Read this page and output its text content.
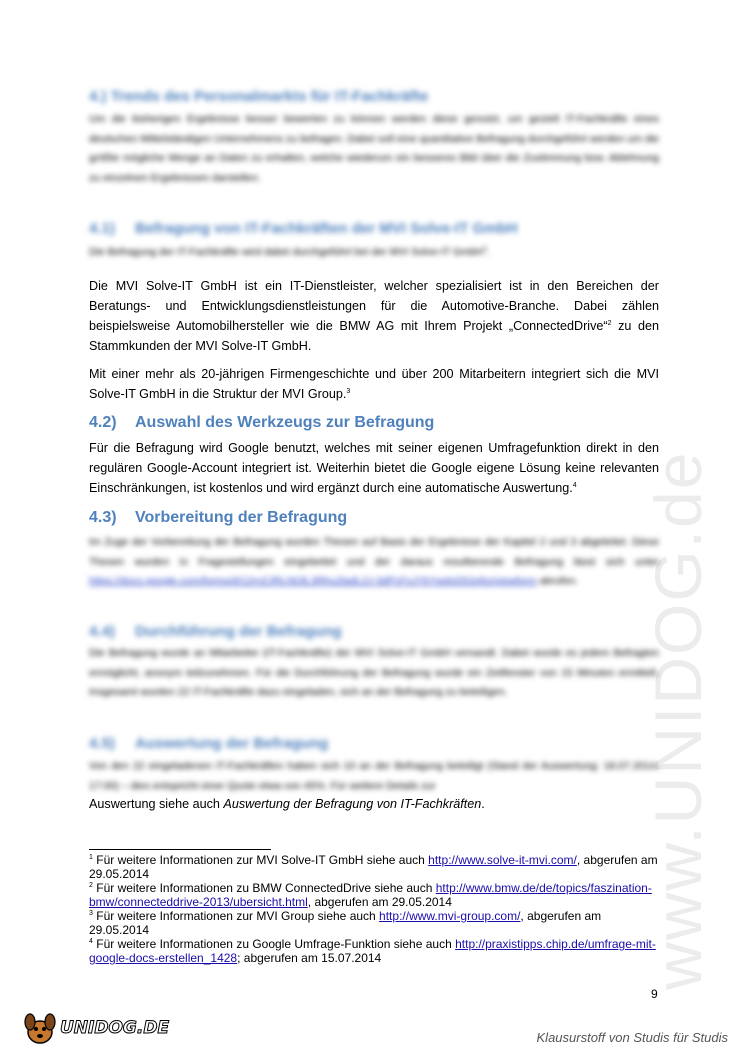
www.UNIDOG.de
4.) Trends des Personalmarkts für IT-Fachkräfte
Um die bisherigen Ergebnisse besser bewerten zu können werden diese genutzt, um gezielt IT-Fachkräfte eines deutschen Mittelständigen Unternehmens zu befragen. Dabei soll eine quantitative Befragung durchgeführt werden um die größte mögliche Menge an Daten zu erhalten, welche wiederum ein besseres Bild über die Zustimmung bzw. Ablehnung zu einzelnen Ergebnissen darstellen.
4.1) Befragung von IT-Fachkräften der MVI Solve-IT GmbH
Die Befragung der IT-Fachkräfte wird dabei durchgeführt bei der MVI Solve-IT GmbH$^1$.
Die MVI Solve-IT GmbH ist ein IT-Dienstleister, welcher spezialisiert ist in den Bereichen der Beratungs- und Entwicklungsdienstleistungen für die Automotive-Branche. Dabei zählen beispielsweise Automobilhersteller wie die BMW AG mit Ihrem Projekt „ConnectedDrive“$^2$ zu den Stammkunden der MVI Solve-IT GmbH.
Mit einer mehr als 20-jährigen Firmengeschichte und über 200 Mitarbeitern integriert sich die MVI Solve-IT GmbH in die Struktur der MVI Group.$^3$
4.2) Auswahl des Werkzeugs zur Befragung
Für die Befragung wird Google benutzt, welches mit seiner eigenen Umfragefunktion direkt in den regulären Google-Account integriert ist. Weiterhin bietet die Google eigene Lösung keine relevanten Einschränkungen, ist kostenlos und wird ergänzt durch eine automatische Auswertung.$^4$
4.3) Vorbereitung der Befragung
Im Zuge der Vorbereitung der Befragung wurden Thesen auf Basis der Ergebnisse der Kapitel 2 und 3 abgeleitet. Diese Thesen wurden in Fragestellungen eingebettet und der daraus resultierende Befragung lässt sich unter https://docs.google.com/forms/d/12rnZJRLNOlL3Rhu2ladL2J-3dPcFsJYkYwdvD52q5o/viewform abrufen.
4.4) Durchführung der Befragung
Die Befragung wurde an Mitarbeiter (IT-Fachkräfte) der MVI Solve-IT GmbH versandt. Dabei wurde es jedem Befragten ermöglicht, anonym teilzunehmen. Für die Durchführung der Befragung wurde ein Zeitfenster von 15 Minuten ermittelt. Insgesamt wurden 22 IT-Fachkräfte dazu eingeladen, sich an der Befragung zu beteiligen.
4.5) Auswertung der Befragung
Von den 22 eingeladenen IT-Fachkräften haben sich 10 an der Befragung beteiligt (Stand der Auswertung: 18.07.2014, 17:00) – dies entspricht einer Quote etwa von 45%. Für weitere Details zur
Auswertung siehe auch Auswertung der Befragung von IT-Fachkräften.

$^1$ Für weitere Informationen zur MVI Solve-IT GmbH siehe auch http://www.solve-it-mvi.com/, abgerufen am 29.05.2014

$^2$ Für weitere Informationen zu BMW ConnectedDrive siehe auch http://www.bmw.de/de/topics/faszination-bmw/connecteddrive-2013/ubersicht.html, abgerufen am 29.05.2014

$^3$ Für weitere Informationen zur MVI Group siehe auch http://www.mvi-group.com/, abgerufen am 29.05.2014

$^4$ Für weitere Informationen zu Google Umfrage-Funktion siehe auch http://praxistipps.chip.de/umfrage-mit-google-docs-erstellen_1428; abgerufen am 15.07.2014

9
UNIDOG.DE	Klausurstoff von Studis für Studis
